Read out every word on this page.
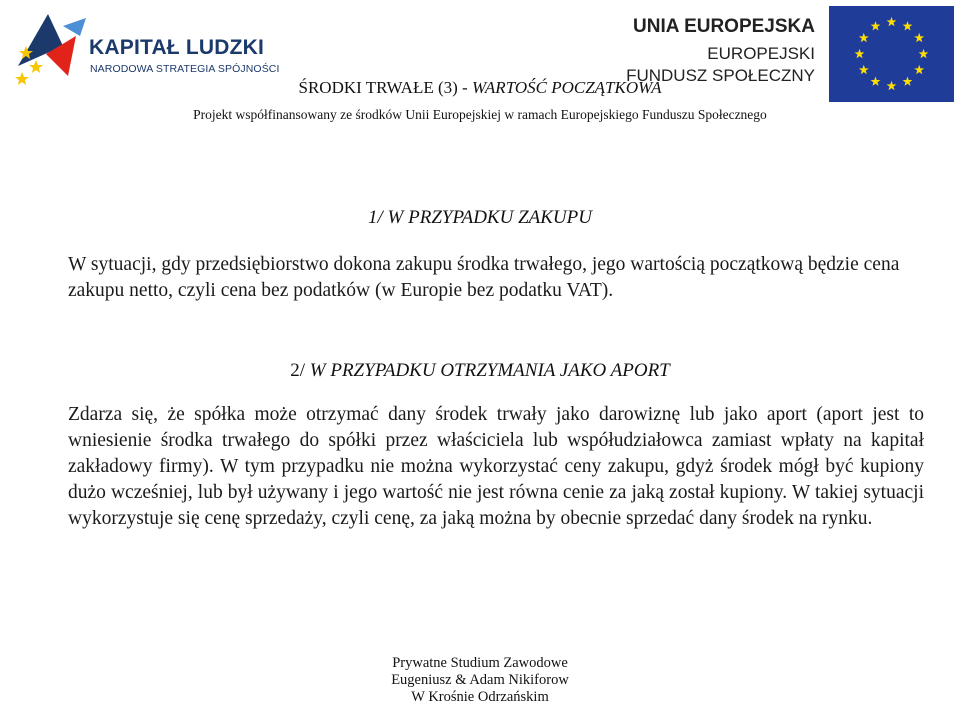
KAPITAŁ LUDZKI
NARODOWA STRATEGIA SPÓJNOŚCI
UNIA EUROPEJSKA
EUROPEJSKI
FUNDUSZ SPOŁECZNY
ŚRODKI TRWAŁE (3) - WARTOŚĆ POCZĄTKOWA
Projekt współfinansowany ze środków Unii Europejskiej w ramach Europejskiego Funduszu Społecznego
1/ W PRZYPADKU ZAKUPU

W sytuacji, gdy przedsiębiorstwo dokona zakupu środka trwałego, jego wartością początkową będzie cena zakupu netto, czyli cena bez podatków (w Europie bez podatku VAT).

2/ W PRZYPADKU OTRZYMANIA JAKO APORT

Zdarza się, że spółka może otrzymać dany środek trwały jako darowiznę lub jako aport (aport jest to wniesienie środka trwałego do spółki przez właściciela lub współudziałowca zamiast wpłaty na kapitał zakładowy firmy). W tym przypadku nie można wykorzystać ceny zakupu, gdyż środek mógł być kupiony dużo wcześniej, lub był używany i jego wartość nie jest równa cenie za jaką został kupiony. W takiej sytuacji wykorzystuje się cenę sprzedaży, czyli cenę, za jaką można by obecnie sprzedać dany środek na rynku.

Prywatne Studium Zawodowe
Eugeniusz & Adam Nikiforow
W Krośnie Odrzańskim
